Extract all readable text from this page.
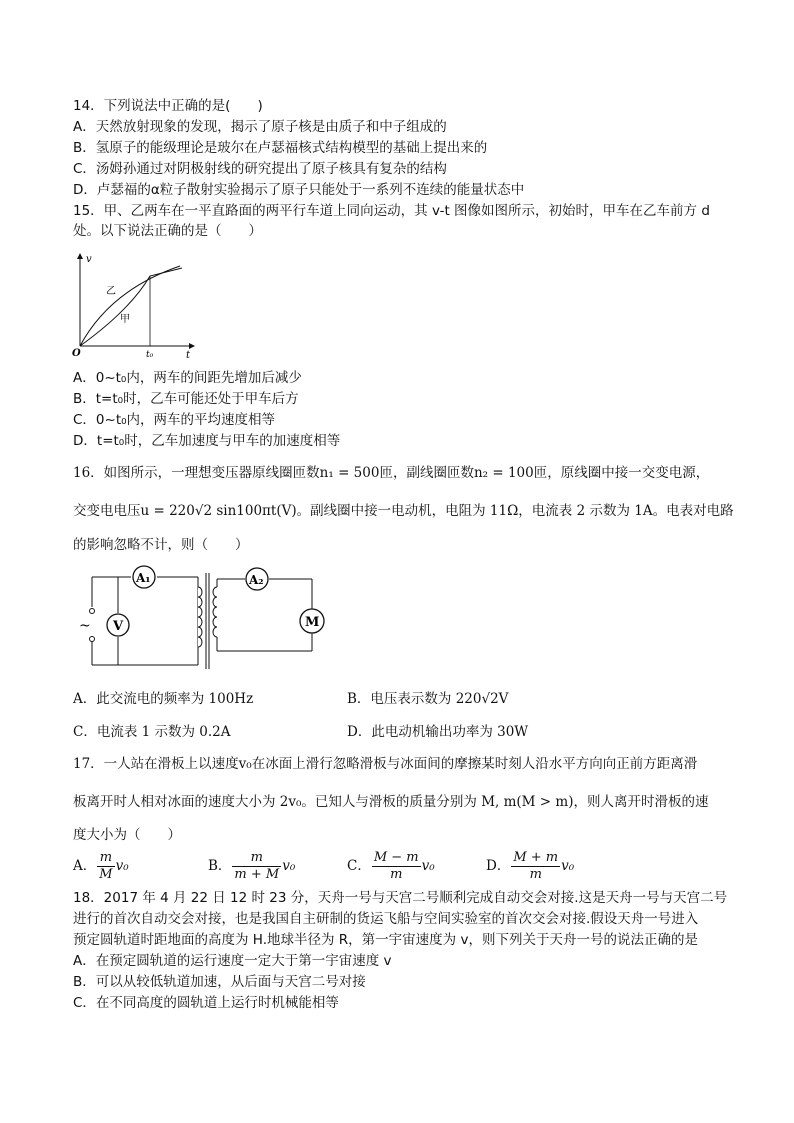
14．下列说法中正确的是(　　)
A．天然放射现象的发现，揭示了原子核是由质子和中子组成的
B．氢原子的能级理论是玻尔在卢瑟福核式结构模型的基础上提出来的
C．汤姆孙通过对阴极射线的研究提出了原子核具有复杂的结构
D．卢瑟福的α粒子散射实验揭示了原子只能处于一系列不连续的能量状态中
15．甲、乙两车在一平直路面的两平行车道上同向运动，其 v-t 图像如图所示，初始时，甲车在乙车前方 d
处。以下说法正确的是（　　）
v
t
O	t₀
乙
甲
A．0~t₀内，两车的间距先增加后减少
B．t=t₀时，乙车可能还处于甲车后方
C．0~t₀内，两车的平均速度相等
D．t=t₀时，乙车加速度与甲车的加速度相等
16．如图所示，一理想变压器原线圈匝数n₁ = 500匝，副线圈匝数n₂ = 100匝，原线圈中接一交变电源，
交变电电压u = 220√2 sin100πt(V)。副线圈中接一电动机，电阻为 11Ω，电流表 2 示数为 1A。电表对电路
的影响忽略不计，则（　　）
~ V
A₁	A₂
M
A．此交流电的频率为 100Hz	B．电压表示数为 220√2V
C．电流表 1 示数为 0.2A	D．此电动机输出功率为 30W
17．一人站在滑板上以速度v₀在冰面上滑行忽略滑板与冰面间的摩擦某时刻人沿水平方向向正前方距离滑
板离开时人相对冰面的速度大小为 2v₀。已知人与滑板的质量分别为 M, m(M > m)，则人离开时滑板的速
度大小为（　　）
A． $\frac{m}{M} v_0$	B． $\frac{m}{m + M} v_0$	C． $\frac{M - m}{m} v_0$	D． $\frac{M + m}{m} v_0$
18．2017 年 4 月 22 日 12 时 23 分，天舟一号与天宫二号顺利完成自动交会对接.这是天舟一号与天宫二号
进行的首次自动交会对接，也是我国自主研制的货运飞船与空间实验室的首次交会对接.假设天舟一号进入
预定圆轨道时距地面的高度为 H.地球半径为 R，第一宇宙速度为 v，则下列关于天舟一号的说法正确的是
A．在预定圆轨道的运行速度一定大于第一宇宙速度 v
B．可以从较低轨道加速，从后面与天宫二号对接
C．在不同高度的圆轨道上运行时机械能相等
